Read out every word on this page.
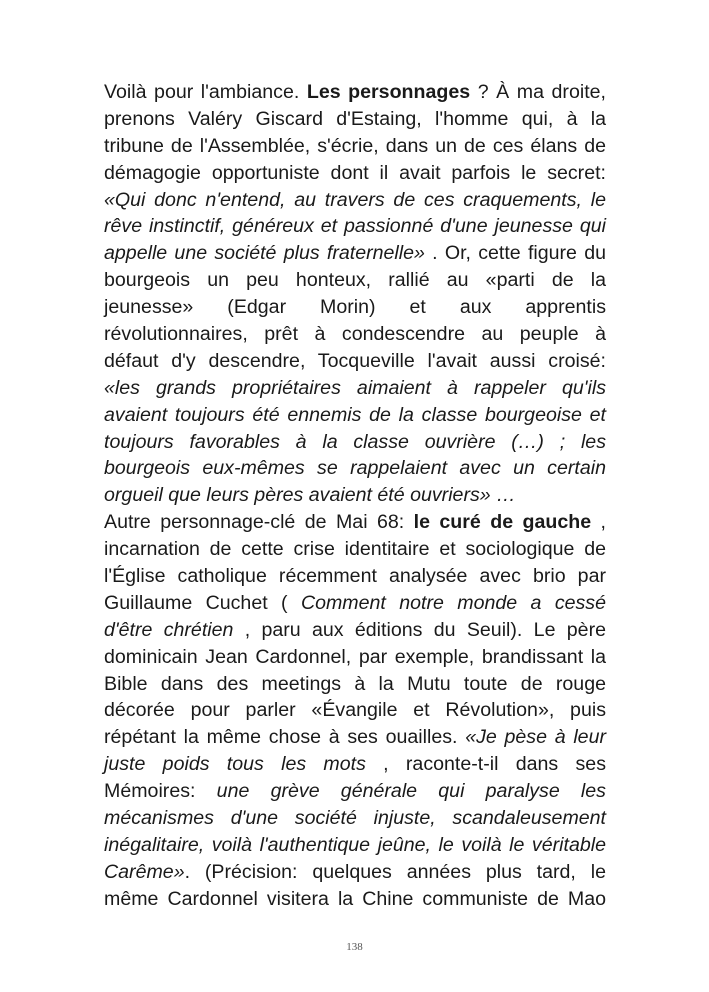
Voilà pour l'ambiance. Les personnages ? À ma droite,
prenons Valéry Giscard d'Estaing, l'homme qui, à la
tribune de l'Assemblée, s'écrie, dans un de ces élans de
démagogie opportuniste dont il avait parfois le secret:
«Qui donc n'entend, au travers de ces craquements, le
rêve instinctif, généreux et passionné d'une jeunesse qui
appelle une société plus fraternelle» . Or, cette figure du
bourgeois un peu honteux, rallié au «parti de la
jeunesse» (Edgar Morin) et aux apprentis
révolutionnaires, prêt à condescendre au peuple à
défaut d'y descendre, Tocqueville l'avait aussi croisé:
«les grands propriétaires aimaient à rappeler qu'ils
avaient toujours été ennemis de la classe bourgeoise et
toujours favorables à la classe ouvrière (…) ; les
bourgeois eux-mêmes se rappelaient avec un certain
orgueil que leurs pères avaient été ouvriers» …
Autre personnage-clé de Mai 68: le curé de gauche ,
incarnation de cette crise identitaire et sociologique de
l'Église catholique récemment analysée avec brio par
Guillaume Cuchet ( Comment notre monde a cessé
d'être chrétien , paru aux éditions du Seuil). Le père
dominicain Jean Cardonnel, par exemple, brandissant la
Bible dans des meetings à la Mutu toute de rouge
décorée pour parler «Évangile et Révolution», puis
répétant la même chose à ses ouailles. «Je pèse à leur
juste poids tous les mots , raconte-t-il dans ses
Mémoires: une grève générale qui paralyse les
mécanismes d'une société injuste, scandaleusement
inégalitaire, voilà l'authentique jeûne, le voilà le véritable
Carême». (Précision: quelques années plus tard, le
même Cardonnel visitera la Chine communiste de Mao
138
